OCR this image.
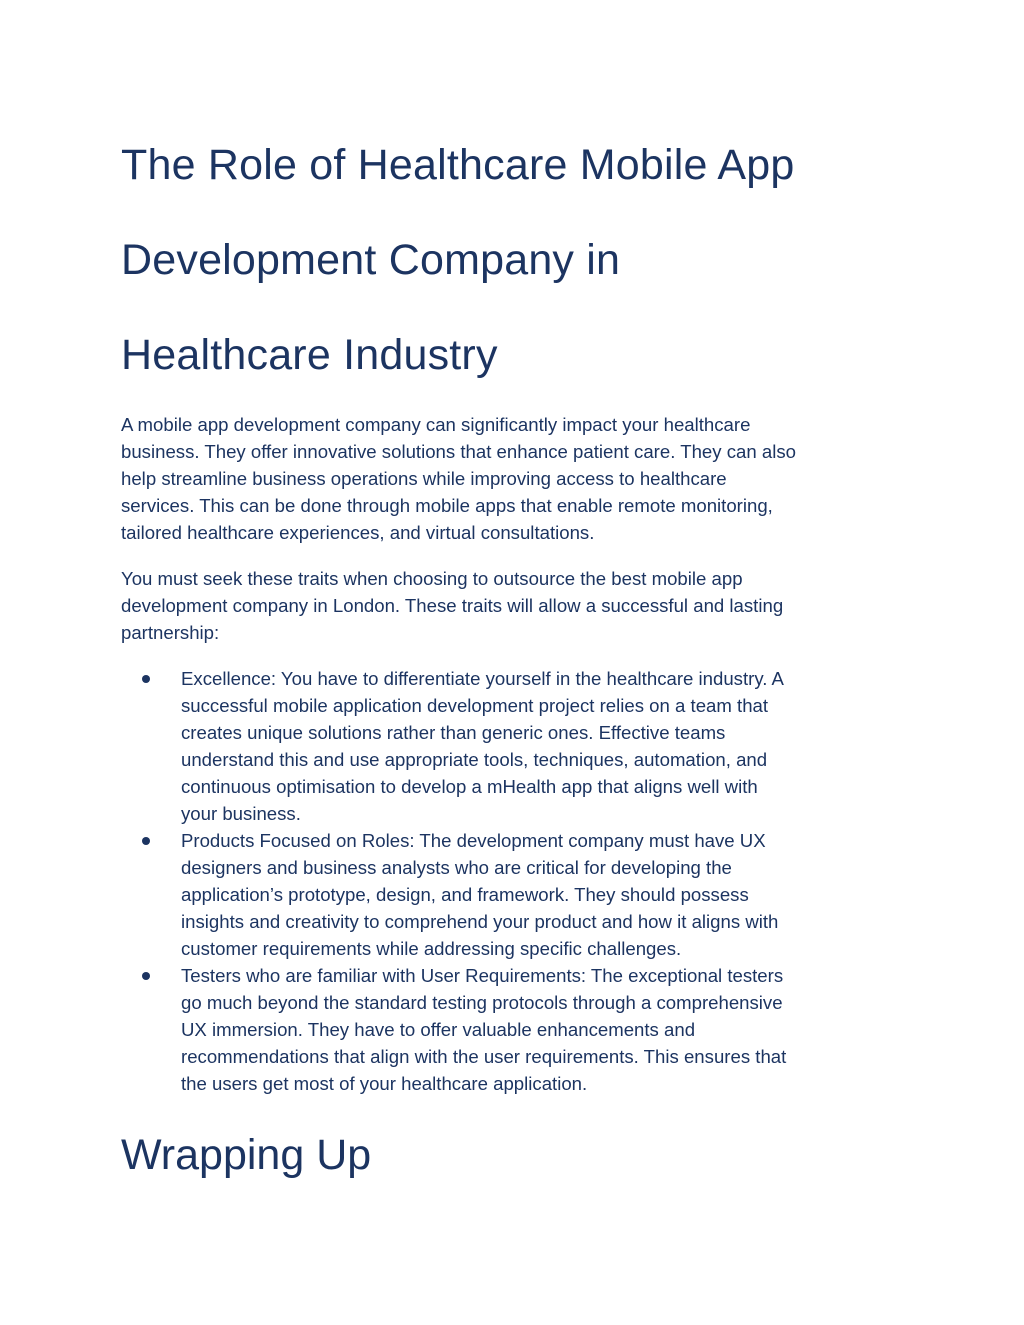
The Role of Healthcare Mobile App
Development Company in
Healthcare Industry

A mobile app development company can significantly impact your healthcare
business. They offer innovative solutions that enhance patient care. They can also
help streamline business operations while improving access to healthcare
services. This can be done through mobile apps that enable remote monitoring,
tailored healthcare experiences, and virtual consultations.

You must seek these traits when choosing to outsource the best mobile app
development company in London. These traits will allow a successful and lasting
partnership:

Excellence: You have to differentiate yourself in the healthcare industry. A
successful mobile application development project relies on a team that
creates unique solutions rather than generic ones. Effective teams
understand this and use appropriate tools, techniques, automation, and
continuous optimisation to develop a mHealth app that aligns well with
your business.
Products Focused on Roles: The development company must have UX
designers and business analysts who are critical for developing the
application’s prototype, design, and framework. They should possess
insights and creativity to comprehend your product and how it aligns with
customer requirements while addressing specific challenges.
Testers who are familiar with User Requirements: The exceptional testers
go much beyond the standard testing protocols through a comprehensive
UX immersion. They have to offer valuable enhancements and
recommendations that align with the user requirements. This ensures that
the users get most of your healthcare application.
Wrapping Up
